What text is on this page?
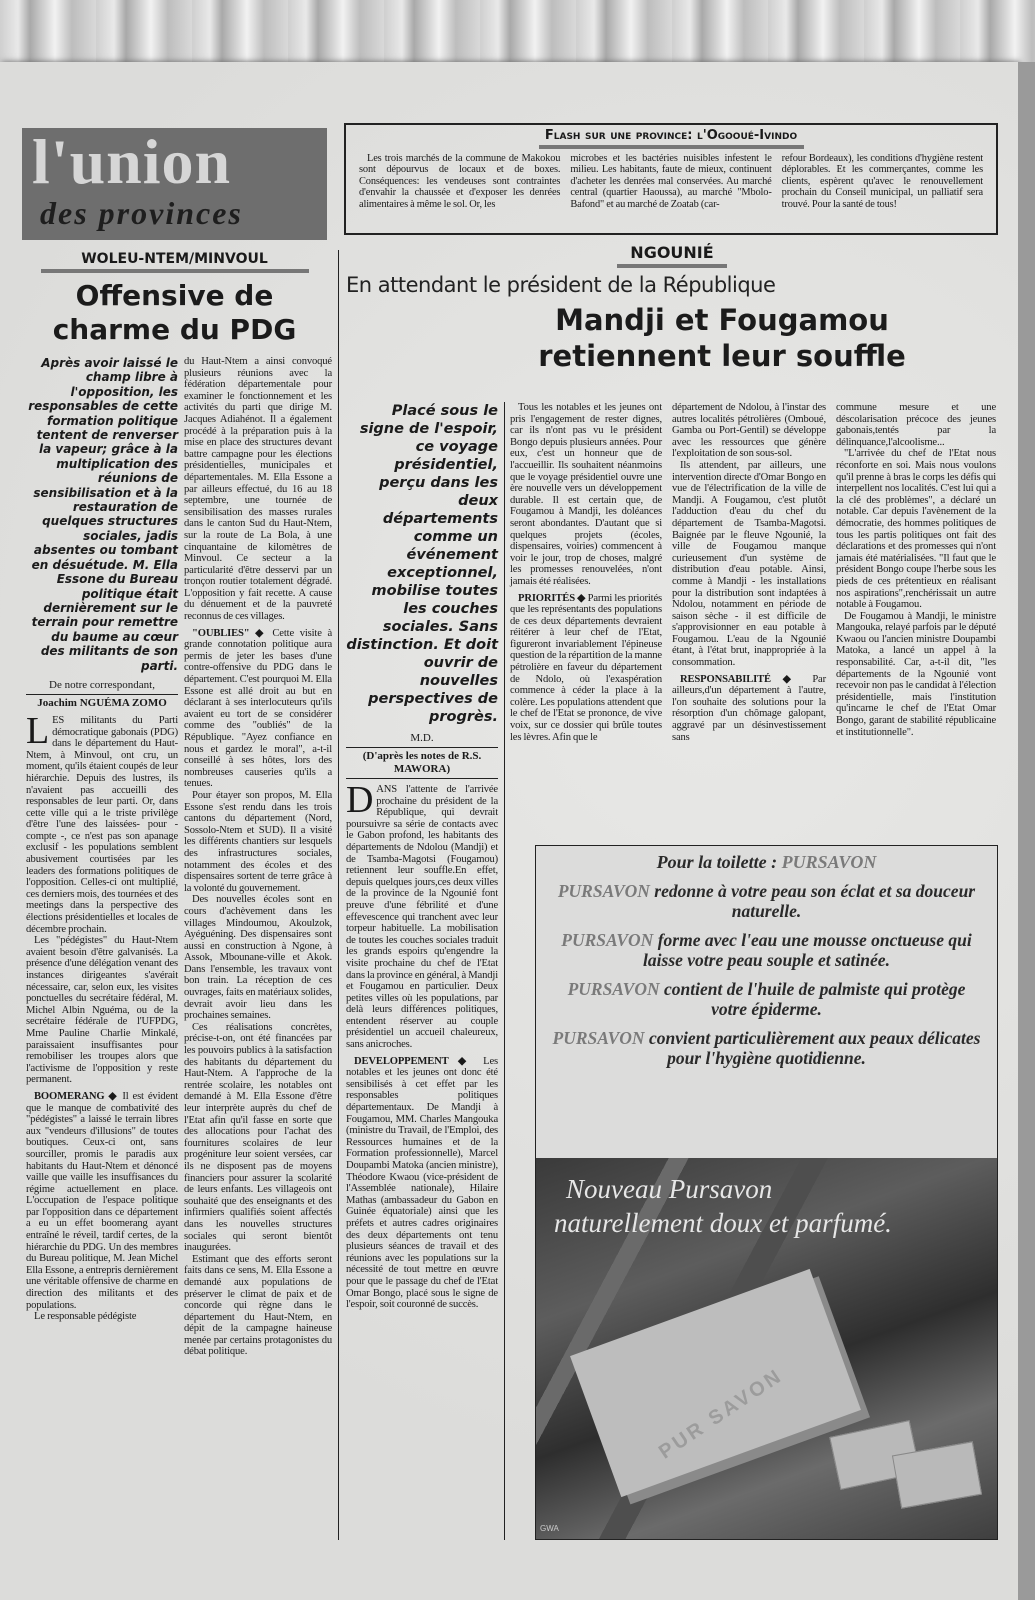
l'union
des provinces
Flash sur une province: l'Ogooué-Ivindo

Les trois marchés de la commune de Makokou sont dépourvus de locaux et de boxes. Conséquences: les vendeuses sont contraintes d'envahir la chaussée et d'exposer les denrées alimentaires à même le sol. Or, les

microbes et les bactéries nuisibles infestent le milieu. Les habitants, faute de mieux, continuent d'acheter les denrées mal conservées. Au marché central (quartier Haoussa), au marché "Mbolo-Bafond" et au marché de Zoatab (car-

refour Bordeaux), les conditions d'hygiène restent déplorables. Et les commerçantes, comme les clients, espèrent qu'avec le renouvellement prochain du Conseil municipal, un palliatif sera trouvé. Pour la santé de tous!

WOLEU-NTEM/MINVOUL
Offensive de
charme du PDG
Après avoir laissé le champ libre à l'opposition, les responsables de cette formation politique tentent de renverser la vapeur; grâce à la multiplication des réunions de sensibilisation et à la restauration de quelques structures sociales, jadis absentes ou tombant en désuétude. M. Ella Essone du Bureau politique était dernièrement sur le terrain pour remettre du baume au cœur des militants de son parti.
De notre correspondant,
Joachim NGUÉMA ZOMO

LES militants du Parti démocratique gabonais (PDG) dans le département du Haut-Ntem, à Minvoul, ont cru, un moment, qu'ils étaient coupés de leur hiérarchie. Depuis des lustres, ils n'avaient pas accueilli des responsables de leur parti. Or, dans cette ville qui a le triste privilège d'être l'une des laissées- pour -compte -, ce n'est pas son apanage exclusif - les populations semblent abusivement courtisées par les leaders des formations politiques de l'opposition. Celles-ci ont multiplié, ces derniers mois, des tournées et des meetings dans la perspective des élections présidentielles et locales de décembre prochain.

Les "pédégistes" du Haut-Ntem avaient besoin d'être galvanisés. La présence d'une délégation venant des instances dirigeantes s'avérait nécessaire, car, selon eux, les visites ponctuelles du secrétaire fédéral, M. Michel Albin Nguéma, ou de la secrétaire fédérale de l'UFPDG, Mme Pauline Charlie Minkalé, paraissaient insuffisantes pour remobiliser les troupes alors que l'activisme de l'opposition y reste permanent.

BOOMERANG ◆ Il est évident que le manque de combativité des "pédégistes" a laissé le terrain libres aux "vendeurs d'illusions" de toutes boutiques. Ceux-ci ont, sans sourciller, promis le paradis aux habitants du Haut-Ntem et dénoncé vaille que vaille les insuffisances du régime actuellement en place. L'occupation de l'espace politique par l'opposition dans ce département a eu un effet boomerang ayant entraîné le réveil, tardif certes, de la hiérarchie du PDG. Un des membres du Bureau politique, M. Jean Michel Ella Essone, a entrepris dernièrement une véritable offensive de charme en direction des militants et des populations.

Le responsable pédégiste

du Haut-Ntem a ainsi convoqué plusieurs réunions avec la fédération départementale pour examiner le fonctionnement et les activités du parti que dirige M. Jacques Adiahénot. Il a également procédé à la préparation puis à la mise en place des structures devant battre campagne pour les élections présidentielles, municipales et départementales. M. Ella Essone a par ailleurs effectué, du 16 au 18 septembre, une tournée de sensibilisation des masses rurales dans le canton Sud du Haut-Ntem, sur la route de La Bola, à une cinquantaine de kilomètres de Minvoul. Ce secteur a la particularité d'être desservi par un tronçon routier totalement dégradé. L'opposition y fait recette. A cause du dénuement et de la pauvreté reconnus de ces villages.

"OUBLIES" ◆ Cette visite à grande connotation politique aura permis de jeter les bases d'une contre-offensive du PDG dans le département. C'est pourquoi M. Ella Essone est allé droit au but en déclarant à ses interlocuteurs qu'ils avaient eu tort de se considérer comme des "oubliés" de la République. "Ayez confiance en nous et gardez le moral", a-t-il conseillé à ses hôtes, lors des nombreuses causeries qu'ils a tenues.

Pour étayer son propos, M. Ella Essone s'est rendu dans les trois cantons du département (Nord, Sossolo-Ntem et SUD). Il a visité les différents chantiers sur lesquels des infrastructures sociales, notamment des écoles et des dispensaires sortent de terre grâce à la volonté du gouvernement.

Des nouvelles écoles sont en cours d'achèvement dans les villages Mindoumou, Akoulzok, Ayéguéning. Des dispensaires sont aussi en construction à Ngone, à Assok, Mbounane-ville et Akok. Dans l'ensemble, les travaux vont bon train. La réception de ces ouvrages, faits en matériaux solides, devrait avoir lieu dans les prochaines semaines.

Ces réalisations concrètes, précise-t-on, ont été financées par les pouvoirs publics à la satisfaction des habitants du département du Haut-Ntem. A l'approche de la rentrée scolaire, les notables ont demandé à M. Ella Essone d'être leur interprète auprès du chef de l'Etat afin qu'il fasse en sorte que des allocations pour l'achat des fournitures scolaires de leur progéniture leur soient versées, car ils ne disposent pas de moyens financiers pour assurer la scolarité de leurs enfants. Les villageois ont souhaité que des enseignants et des infirmiers qualifiés soient affectés dans les nouvelles structures sociales qui seront bientôt inaugurées.

Estimant que des efforts seront faits dans ce sens, M. Ella Essone a demandé aux populations de préserver le climat de paix et de concorde qui règne dans le département du Haut-Ntem, en dépit de la campagne haineuse menée par certains protagonistes du débat politique.

NGOUNIÉ
En attendant le président de la République
Mandji et Fougamou
retiennent leur souffle
Placé sous le signe de l'espoir, ce voyage présidentiel, perçu dans les deux départements comme un événement exceptionnel, mobilise toutes les couches sociales. Sans distinction. Et doit ouvrir de nouvelles perspectives de progrès.
M.D.
(D'après les notes de R.S. MAWORA)

DANS l'attente de l'arrivée prochaine du président de la République, qui devrait poursuivre sa série de contacts avec le Gabon profond, les habitants des départements de Ndolou (Mandji) et de Tsamba-Magotsi (Fougamou) retiennent leur souffle.En effet, depuis quelques jours,ces deux villes de la province de la Ngounié font preuve d'une fébrilité et d'une effevescence qui tranchent avec leur torpeur habituelle. La mobilisation de toutes les couches sociales traduit les grands espoirs qu'engendre la visite prochaine du chef de l'Etat dans la province en général, à Mandji et Fougamou en particulier. Deux petites villes où les populations, par delà leurs différences politiques, entendent réserver au couple présidentiel un accueil chaleureux, sans anicroches.

DEVELOPPEMENT ◆ Les notables et les jeunes ont donc été sensibilisés à cet effet par les responsables politiques départementaux. De Mandji à Fougamou, MM. Charles Mangouka (ministre du Travail, de l'Emploi, des Ressources humaines et de la Formation professionnelle), Marcel Doupambi Matoka (ancien ministre), Théodore Kwaou (vice-président de l'Assemblée nationale), Hilaire Mathas (ambassadeur du Gabon en Guinée équatoriale) ainsi que les préfets et autres cadres originaires des deux départements ont tenu plusieurs séances de travail et des réunions avec les populations sur la nécessité de tout mettre en œuvre pour que le passage du chef de l'Etat Omar Bongo, placé sous le signe de l'espoir, soit couronné de succès.

Tous les notables et les jeunes ont pris l'engagement de rester dignes, car ils n'ont pas vu le président Bongo depuis plusieurs années. Pour eux, c'est un honneur que de l'accueillir. Ils souhaitent néanmoins que le voyage présidentiel ouvre une ère nouvelle vers un développement durable. Il est certain que, de Fougamou à Mandji, les doléances seront abondantes. D'autant que si quelques projets (écoles, dispensaires, voiries) commencent à voir le jour, trop de choses, malgré les promesses renouvelées, n'ont jamais été réalisées.

PRIORITÉS ◆ Parmi les priorités que les représentants des populations de ces deux départements devraient réitérer à leur chef de l'Etat, figureront invariablement l'épineuse question de la répartition de la manne pétrolière en faveur du département de Ndolo, où l'exaspération commence à céder la place à la colère. Les populations attendent que le chef de l'Etat se prononce, de vive voix, sur ce dossier qui brûle toutes les lèvres. Afin que le

département de Ndolou, à l'instar des autres localités pétrolières (Omboué, Gamba ou Port-Gentil) se développe avec les ressources que génère l'exploitation de son sous-sol.

Ils attendent, par ailleurs, une intervention directe d'Omar Bongo en vue de l'électrification de la ville de Mandji. A Fougamou, c'est plutôt l'adduction d'eau du chef du département de Tsamba-Magotsi. Baignée par le fleuve Ngounié, la ville de Fougamou manque curieusement d'un système de distribution d'eau potable. Ainsi, comme à Mandji - les installations pour la distribution sont indaptées à Ndolou, notamment en période de saison sèche - il est difficile de s'approvisionner en eau potable à Fougamou. L'eau de la Ngounié étant, à l'état brut, inappropriée à la consommation.

RESPONSABILITÉ ◆ Par ailleurs,d'un département à l'autre, l'on souhaite des solutions pour la résorption d'un chômage galopant, aggravé par un désinvestissement sans

commune mesure et une déscolarisation précoce des jeunes gabonais,tentés par la délinquance,l'alcoolisme...

"L'arrivée du chef de l'Etat nous réconforte en soi. Mais nous voulons qu'il prenne à bras le corps les défis qui interpellent nos localités. C'est lui qui a la clé des problèmes", a déclaré un notable. Car depuis l'avènement de la démocratie, des hommes politiques de tous les partis politiques ont fait des déclarations et des promesses qui n'ont jamais été matérialisées. "Il faut que le président Bongo coupe l'herbe sous les pieds de ces prétentieux en réalisant nos aspirations",renchérissait un autre notable à Fougamou.

De Fougamou à Mandji, le ministre Mangouka, relayé parfois par le député Kwaou ou l'ancien ministre Doupambi Matoka, a lancé un appel à la responsabilité. Car, a-t-il dit, "les départements de la Ngounié vont recevoir non pas le candidat à l'élection présidentielle, mais l'institution qu'incarne le chef de l'Etat Omar Bongo, garant de stabilité républicaine et institutionnelle".

Pour la toilette : PURSAVON
PURSAVON redonne à votre peau son éclat et sa douceur naturelle.
PURSAVON forme avec l'eau une mousse onctueuse qui laisse votre peau souple et satinée.
PURSAVON contient de l'huile de palmiste qui protège votre épiderme.
PURSAVON convient particulièrement aux peaux délicates pour l'hygiène quotidienne.
Nouveau Pursavon
naturellement doux et parfumé.
PUR SAVON
GWA
